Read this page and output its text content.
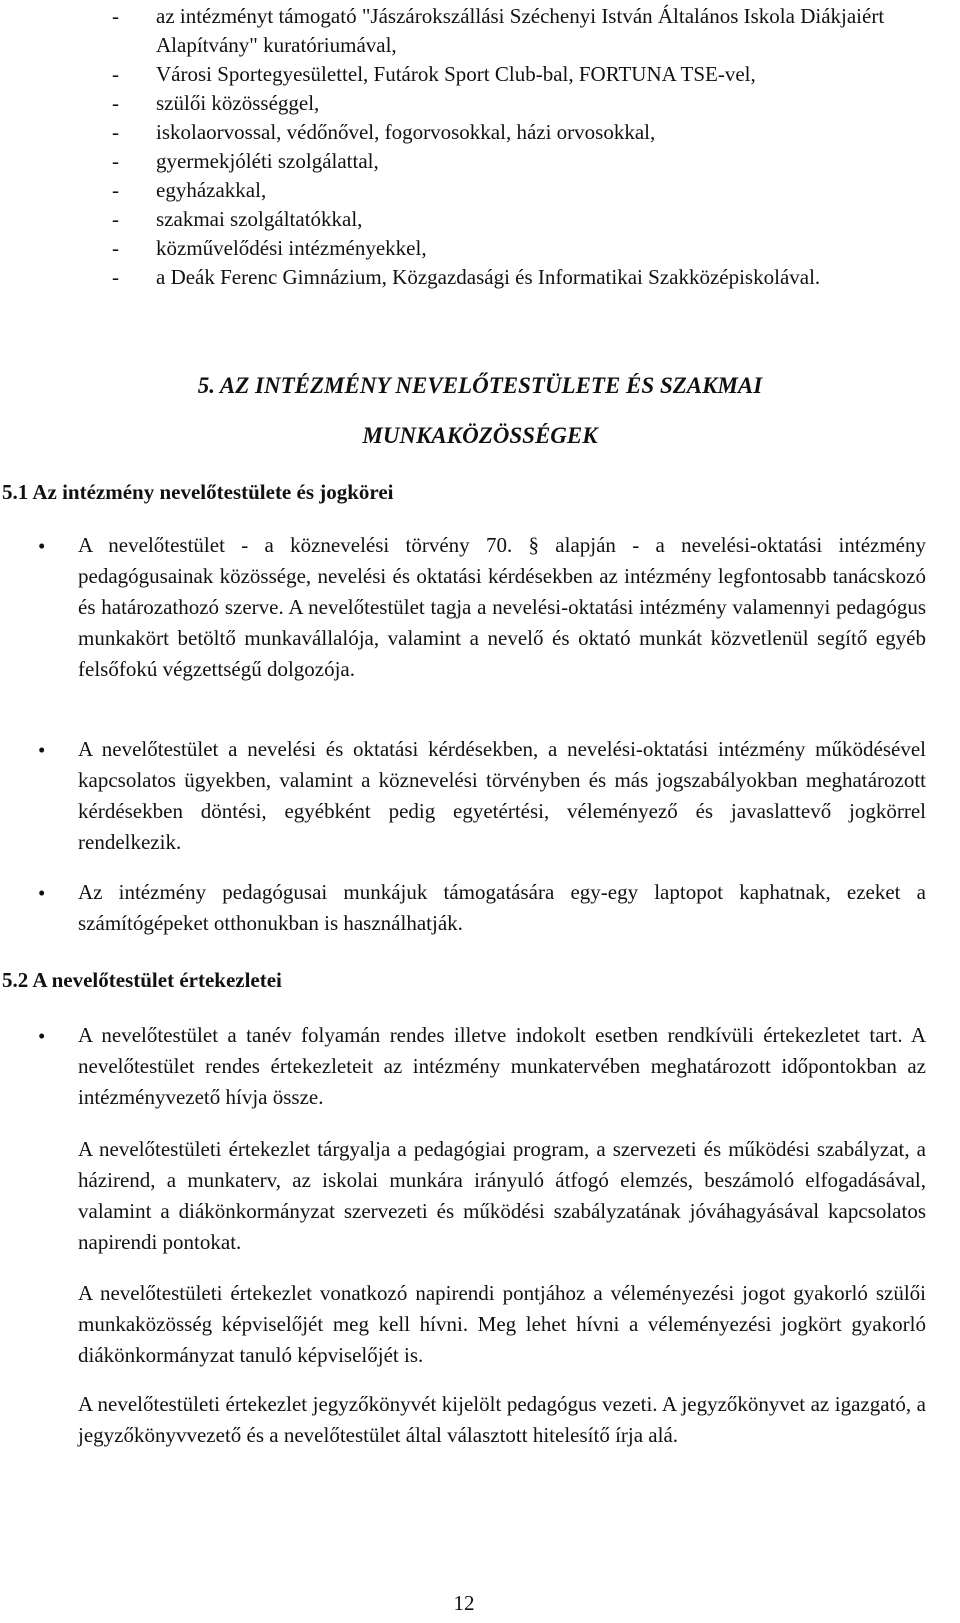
- az intézményt támogató "Jászárokszállási Széchenyi István Általános Iskola Diákjaiért Alapítvány" kuratóriumával,
- Városi Sportegyesülettel, Futárok Sport Club-bal, FORTUNA TSE-vel,
- szülői közösséggel,
- iskolaorvossal, védőnővel, fogorvosokkal, házi orvosokkal,
- gyermekjóléti szolgálattal,
- egyházakkal,
- szakmai szolgáltatókkal,
- közművelődési intézményekkel,
- a Deák Ferenc Gimnázium, Közgazdasági és Informatikai Szakközépiskolával.
5. AZ INTÉZMÉNY NEVELŐTESTÜLETE ÉS SZAKMAI
MUNKAKÖZÖSSÉGEK
5.1 Az intézmény nevelőtestülete és jogkörei
• A nevelőtestület - a köznevelési törvény 70. § alapján - a nevelési-oktatási intézmény pedagógusainak közössége, nevelési és oktatási kérdésekben az intézmény legfontosabb tanácskozó és határozathozó szerve. A nevelőtestület tagja a nevelési-oktatási intézmény valamennyi pedagógus munkakört betöltő munkavállalója, valamint a nevelő és oktató munkát közvetlenül segítő egyéb felsőfokú végzettségű dolgozója.

• A nevelőtestület a nevelési és oktatási kérdésekben, a nevelési-oktatási intézmény működésével kapcsolatos ügyekben, valamint a köznevelési törvényben és más jogszabályokban meghatározott kérdésekben döntési, egyébként pedig egyetértési, véleményező és javaslattevő jogkörrel rendelkezik.

• Az intézmény pedagógusai munkájuk támogatására egy-egy laptopot kaphatnak, ezeket a számítógépeket otthonukban is használhatják.

5.2 A nevelőtestület értekezletei
• A nevelőtestület a tanév folyamán rendes illetve indokolt esetben rendkívüli értekezletet tart. A nevelőtestület rendes értekezleteit az intézmény munkatervében meghatározott időpontokban az intézményvezető hívja össze.

A nevelőtestületi értekezlet tárgyalja a pedagógiai program, a szervezeti és működési szabályzat, a házirend, a munkaterv, az iskolai munkára irányuló átfogó elemzés, beszámoló elfogadásával, valamint a diákönkormányzat szervezeti és működési szabályzatának jóváhagyásával kapcsolatos napirendi pontokat.

A nevelőtestületi értekezlet vonatkozó napirendi pontjához a véleményezési jogot gyakorló szülői munkaközösség képviselőjét meg kell hívni. Meg lehet hívni a véleményezési jogkört gyakorló diákönkormányzat tanuló képviselőjét is.

A nevelőtestületi értekezlet jegyzőkönyvét kijelölt pedagógus vezeti. A jegyzőkönyvet az igazgató, a jegyzőkönyvvezető és a nevelőtestület által választott hitelesítő írja alá.

12
